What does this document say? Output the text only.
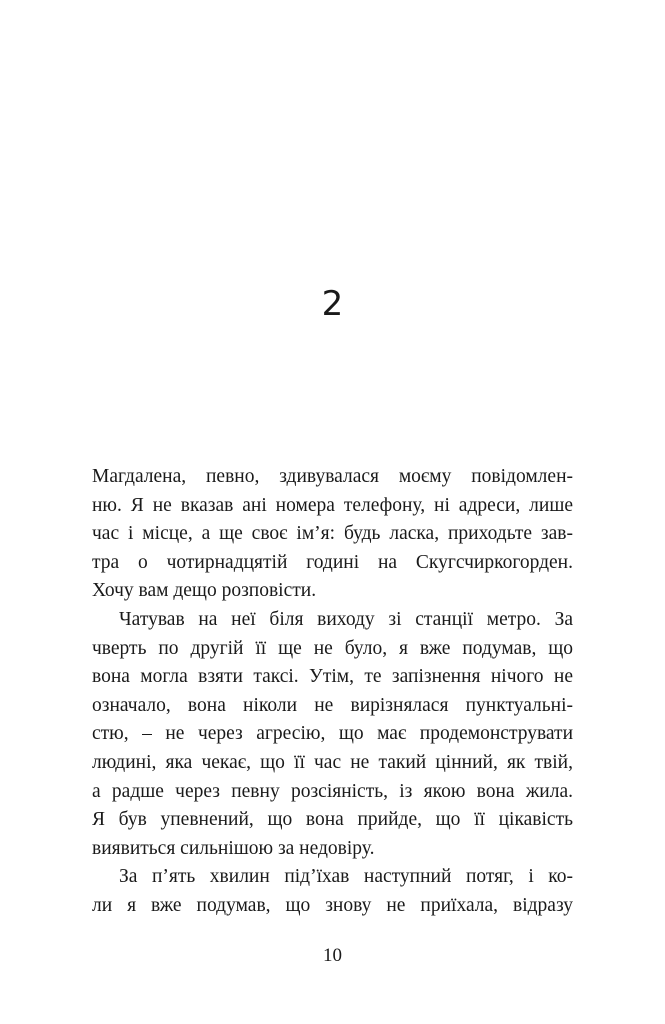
2
Магдалена, певно, здивувалася моєму повідомлен-
ню. Я не вказав ані номера телефону, ні адреси, лише
час і місце, а ще своє ім’я: будь ласка, приходьте зав-
тра о чотирнадцятій годині на Скугсчиркогорден.
Хочу вам дещо розповісти.
Чатував на неї біля виходу зі станції метро. За
чверть по другій її ще не було, я вже подумав, що
вона могла взяти таксі. Утім, те запізнення нічого не
означало, вона ніколи не вирізнялася пунктуальні-
стю, – не через агресію, що має продемонструвати
людині, яка чекає, що її час не такий цінний, як твій,
а радше через певну розсіяність, із якою вона жила.
Я був упевнений, що вона прийде, що її цікавість
виявиться сильнішою за недовіру.
За п’ять хвилин під’їхав наступний потяг, і ко-
ли я вже подумав, що знову не приїхала, відразу
10
